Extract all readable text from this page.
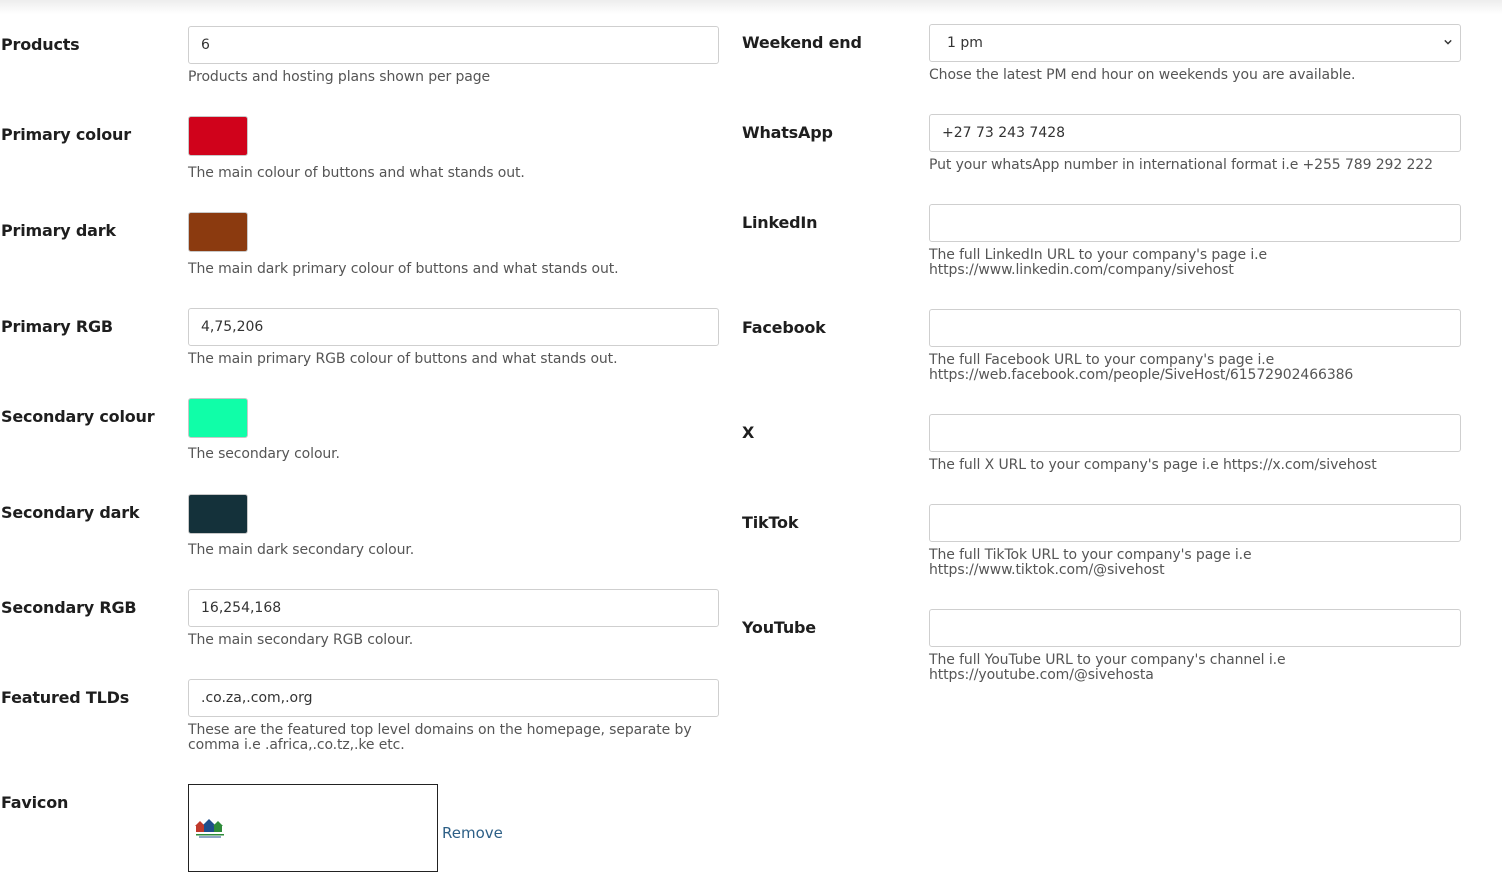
Products
6
Products and hosting plans shown per page
Primary colour
The main colour of buttons and what stands out.
Primary dark
The main dark primary colour of buttons and what stands out.
Primary RGB
4,75,206
The main primary RGB colour of buttons and what stands out.
Secondary colour
The secondary colour.
Secondary dark
The main dark secondary colour.
Secondary RGB
16,254,168
The main secondary RGB colour.
Featured TLDs
.co.za,.com,.org
These are the featured top level domains on the homepage, separate by
comma i.e .africa,.co.tz,.ke etc.
Favicon
Remove
Weekend end	1 pm
Chose the latest PM end hour on weekends you are available.
WhatsApp
+27 73 243 7428
Put your whatsApp number in international format i.e +255 789 292 222
LinkedIn
The full LinkedIn URL to your company's page i.e
https://www.linkedin.com/company/sivehost
Facebook
The full Facebook URL to your company's page i.e
https://web.facebook.com/people/SiveHost/61572902466386
X
The full X URL to your company's page i.e https://x.com/sivehost
TikTok
The full TikTok URL to your company's page i.e
https://www.tiktok.com/@sivehost
YouTube
The full YouTube URL to your company's channel i.e
https://youtube.com/@sivehosta
